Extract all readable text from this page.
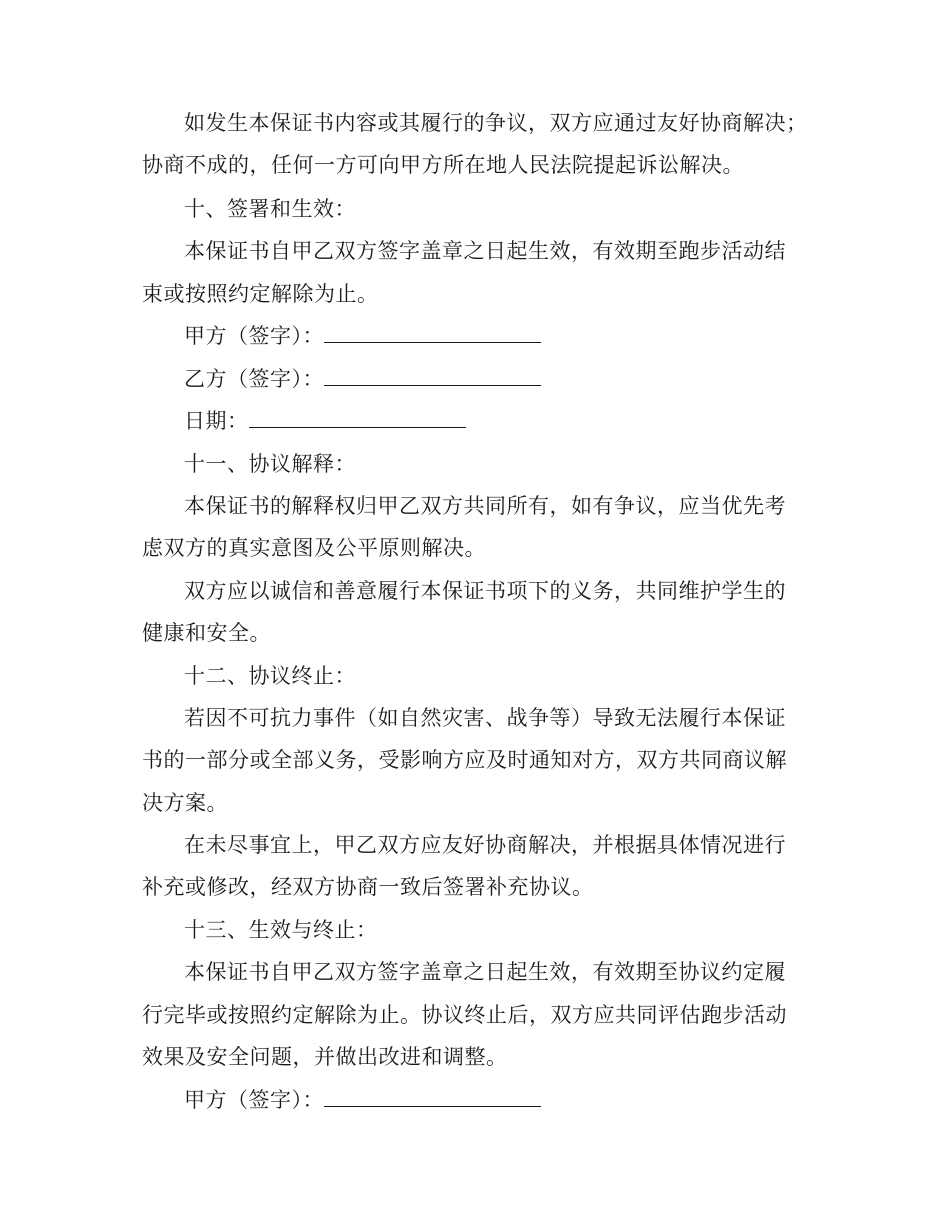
如发生本保证书内容或其履行的争议，双方应通过友好协商解决；
协商不成的，任何一方可向甲方所在地人民法院提起诉讼解决。
十、签署和生效：
本保证书自甲乙双方签字盖章之日起生效，有效期至跑步活动结
束或按照约定解除为止。
甲方（签字）：
乙方（签字）：
日期：
十一、协议解释：
本保证书的解释权归甲乙双方共同所有，如有争议，应当优先考
虑双方的真实意图及公平原则解决。
双方应以诚信和善意履行本保证书项下的义务，共同维护学生的
健康和安全。
十二、协议终止：
若因不可抗力事件（如自然灾害、战争等）导致无法履行本保证
书的一部分或全部义务，受影响方应及时通知对方，双方共同商议解
决方案。
在未尽事宜上，甲乙双方应友好协商解决，并根据具体情况进行
补充或修改，经双方协商一致后签署补充协议。
十三、生效与终止：
本保证书自甲乙双方签字盖章之日起生效，有效期至协议约定履
行完毕或按照约定解除为止。协议终止后，双方应共同评估跑步活动
效果及安全问题，并做出改进和调整。
甲方（签字）：
